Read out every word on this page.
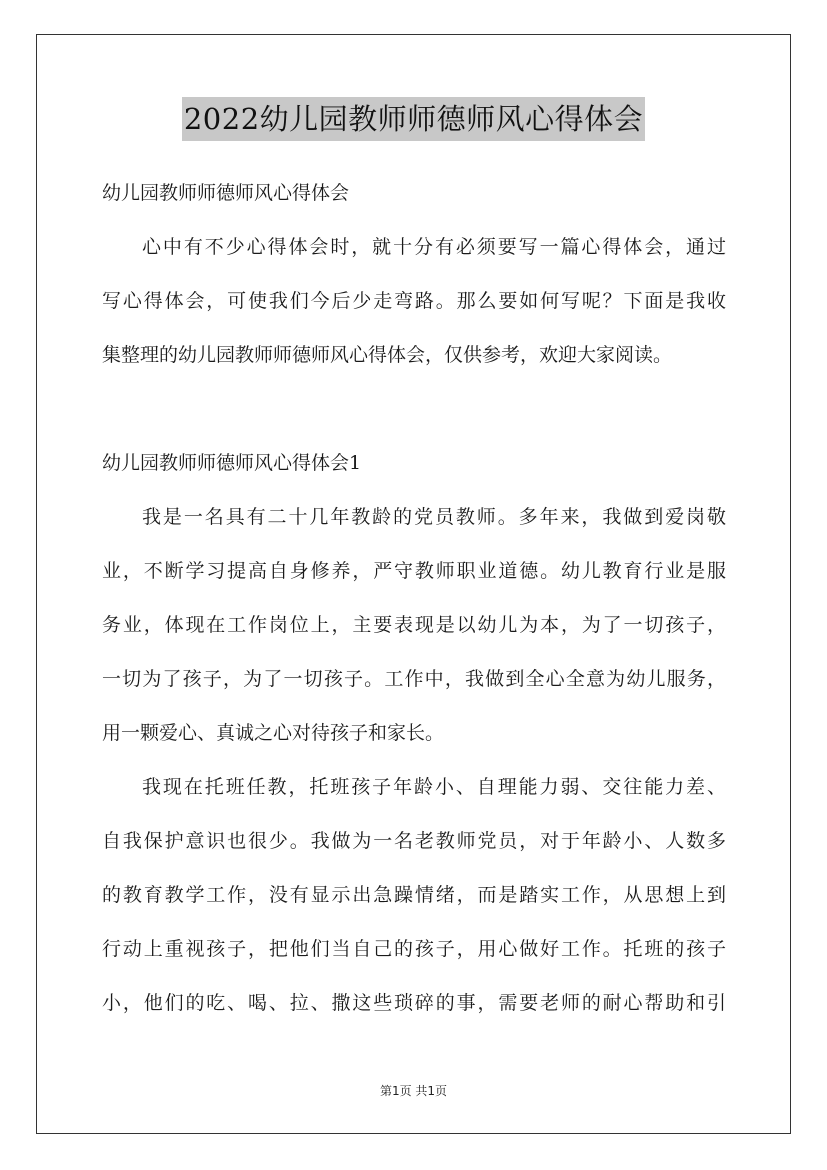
2022幼儿园教师师德师风心得体会
幼儿园教师师德师风心得体会
心中有不少心得体会时，就十分有必须要写一篇心得体会，通过
写心得体会，可使我们今后少走弯路。那么要如何写呢？下面是我收
集整理的幼儿园教师师德师风心得体会，仅供参考，欢迎大家阅读。
幼儿园教师师德师风心得体会1
我是一名具有二十几年教龄的党员教师。多年来，我做到爱岗敬
业，不断学习提高自身修养，严守教师职业道德。幼儿教育行业是服
务业，体现在工作岗位上，主要表现是以幼儿为本，为了一切孩子，
一切为了孩子，为了一切孩子。工作中，我做到全心全意为幼儿服务，
用一颗爱心、真诚之心对待孩子和家长。
我现在托班任教，托班孩子年龄小、自理能力弱、交往能力差、
自我保护意识也很少。我做为一名老教师党员，对于年龄小、人数多
的教育教学工作，没有显示出急躁情绪，而是踏实工作，从思想上到
行动上重视孩子，把他们当自己的孩子，用心做好工作。托班的孩子
小，他们的吃、喝、拉、撒这些琐碎的事，需要老师的耐心帮助和引
第1页 共1页
